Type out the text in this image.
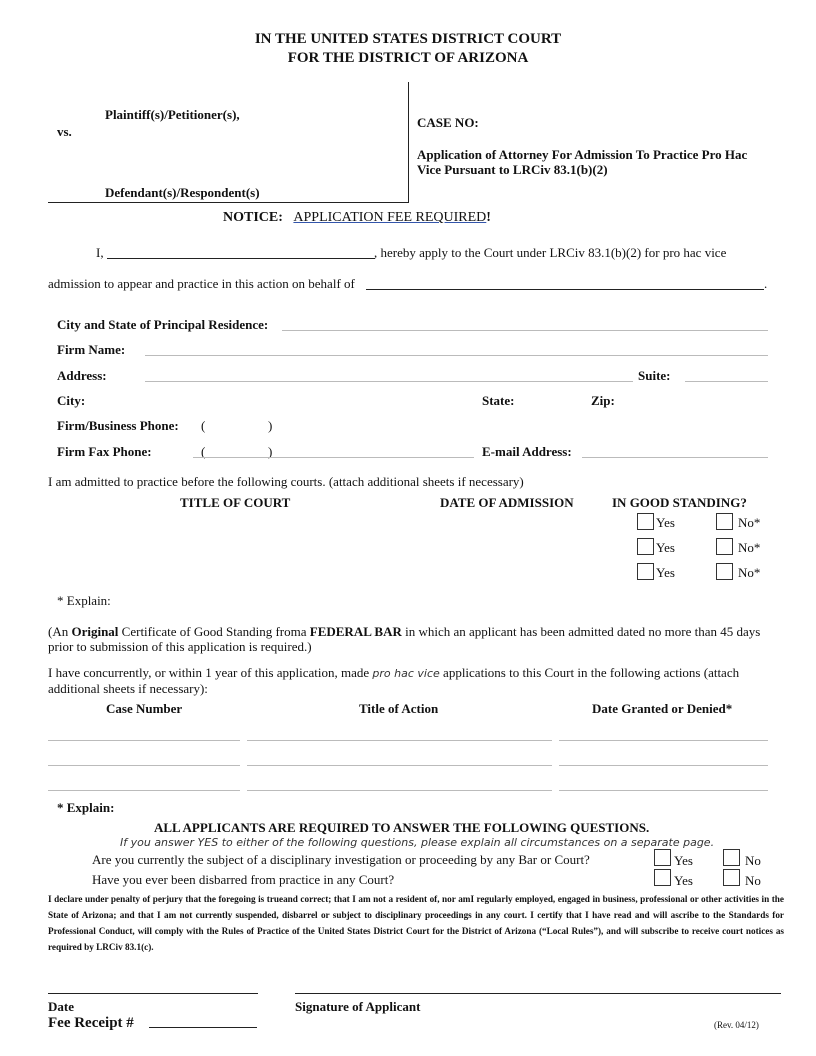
IN THE UNITED STATES DISTRICT COURT
FOR THE DISTRICT OF ARIZONA
Plaintiff(s)/Petitioner(s),
vs.
Defendant(s)/Respondent(s)
CASE NO:
Application of Attorney For Admission To Practice Pro Hac
Vice Pursuant to LRCiv 83.1(b)(2)
NOTICE: APPLICATION FEE REQUIRED!
I,	, hereby apply to the Court under LRCiv 83.1(b)(2) for pro hac vice
admission to appear and practice in this action on behalf of	.
City and State of Principal Residence:
Firm Name:
Address:	Suite:
City:	State:	Zip:
Firm/Business Phone: (	)
Firm Fax Phone:	(	)	E-mail Address:
I am admitted to practice before the following courts. (attach additional sheets if necessary)
TITLE OF COURT	DATE OF ADMISSION	IN GOOD STANDING?
Yes	No*
Yes	No*
Yes	No*
* Explain:
(An Original Certificate of Good Standing froma FEDERAL BAR in which an applicant has been admitted dated no more than 45 days
prior to submission of this application is required.)
I have concurrently, or within 1 year of this application, made pro hac vice applications to this Court in the following actions (attach
additional sheets if necessary):
Case Number	Title of Action	Date Granted or Denied*
* Explain:
ALL APPLICANTS ARE REQUIRED TO ANSWER THE FOLLOWING QUESTIONS.
If you answer YES to either of the following questions, please explain all circumstances on a separate page.
Are you currently the subject of a disciplinary investigation or proceeding by any Bar or Court?	Yes	No
Have you ever been disbarred from practice in any Court?	Yes	No
I declare under penalty of perjury that the foregoing is trueand correct; that I am not a resident of, nor amI regularly employed, engaged in business, professional or other activities in the State of Arizona; and that I am not currently suspended, disbarrel or subject to disciplinary proceedings in any court. I certify that I have read and will ascribe to the Standards for Professional Conduct, will comply with the Rules of Practice of the United States District Court for the District of Arizona (“Local Rules”), and will subscribe to receive court notices as required by LRCiv 83.1(c).
Date	Signature of Applicant
Fee Receipt #	(Rev. 04/12)
